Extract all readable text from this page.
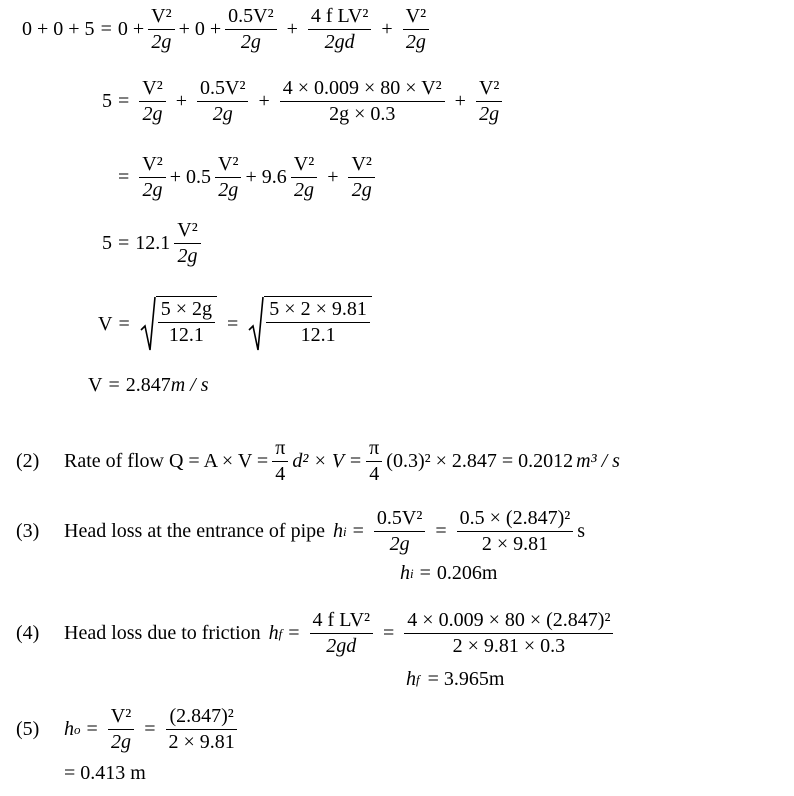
$0 + 0 + 5 = 0 + \frac{\text{V²}}{2g} + 0 + \frac{\text{0.5V²}}{2g} + \frac{\text{4 f LV²}}{2gd} + \frac{\text{V²}}{2g}$
$5 = \frac{\text{V²}}{2g} + \frac{\text{0.5V²}}{2g} + \frac{\text{4 × 0.009 × 80 × V²}}{2g \times 0.3} + \frac{\text{V²}}{2g}$
= $\frac{\text{V²}}{2g} + 0.5$
V²
2g
+ 9.6
V²
2g
+ $\frac{\text{V²}}{2g}$
5 = 12.1
V²
2g
V =
5 × 2g
12.1
=
5 × 2 × 9.81
12.1
V = 2.847 m / s
(2)	Rate of flow $Q = A \times V = \frac{\pi}{4} d^2 \times V = \frac{\pi}{4} (0.3)^2 \times 2.847 = 0.2012$ m³ / s
(3)	Head loss at the entrance of pipe h $i = \frac{\text{0.5V²}}{2g} = \frac{\text{0.5 × (2.847)²}}{2 \times 9.81}$ s
h i = 0.206m
(4)	Head loss due to friction h $f = \frac{\text{4 f LV²}}{2gd} = \frac{\text{4 × 0.009 × 80 × (2.847)²}}{2 \times 9.81 \times 0.3}$
h f = 3.965m
(5)	h $o = \frac{\text{V²}}{2g} = \frac{\text{(2.847)²}}{2 \times 9.81}$
= 0.413 m
